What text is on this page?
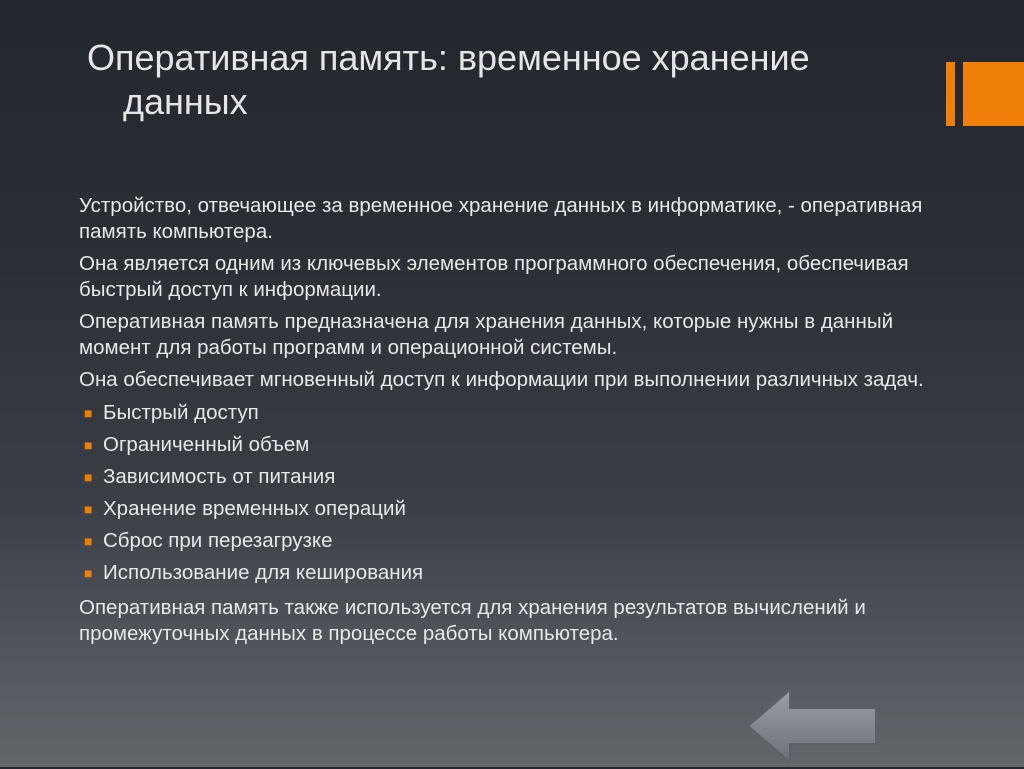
Оперативная память: временное хранение
данных

Устройство, отвечающее за временное хранение данных в информатике, - оперативная память компьютера.

Она является одним из ключевых элементов программного обеспечения, обеспечивая быстрый доступ к информации.

Оперативная память предназначена для хранения данных, которые нужны в данный момент для работы программ и операционной системы.

Она обеспечивает мгновенный доступ к информации при выполнении различных задач.

■ Быстрый доступ
■ Ограниченный объем
■ Зависимость от питания
■ Хранение временных операций
■ Сброс при перезагрузке
■ Использование для кеширования

Оперативная память также используется для хранения результатов вычислений и промежуточных данных в процессе работы компьютера.
